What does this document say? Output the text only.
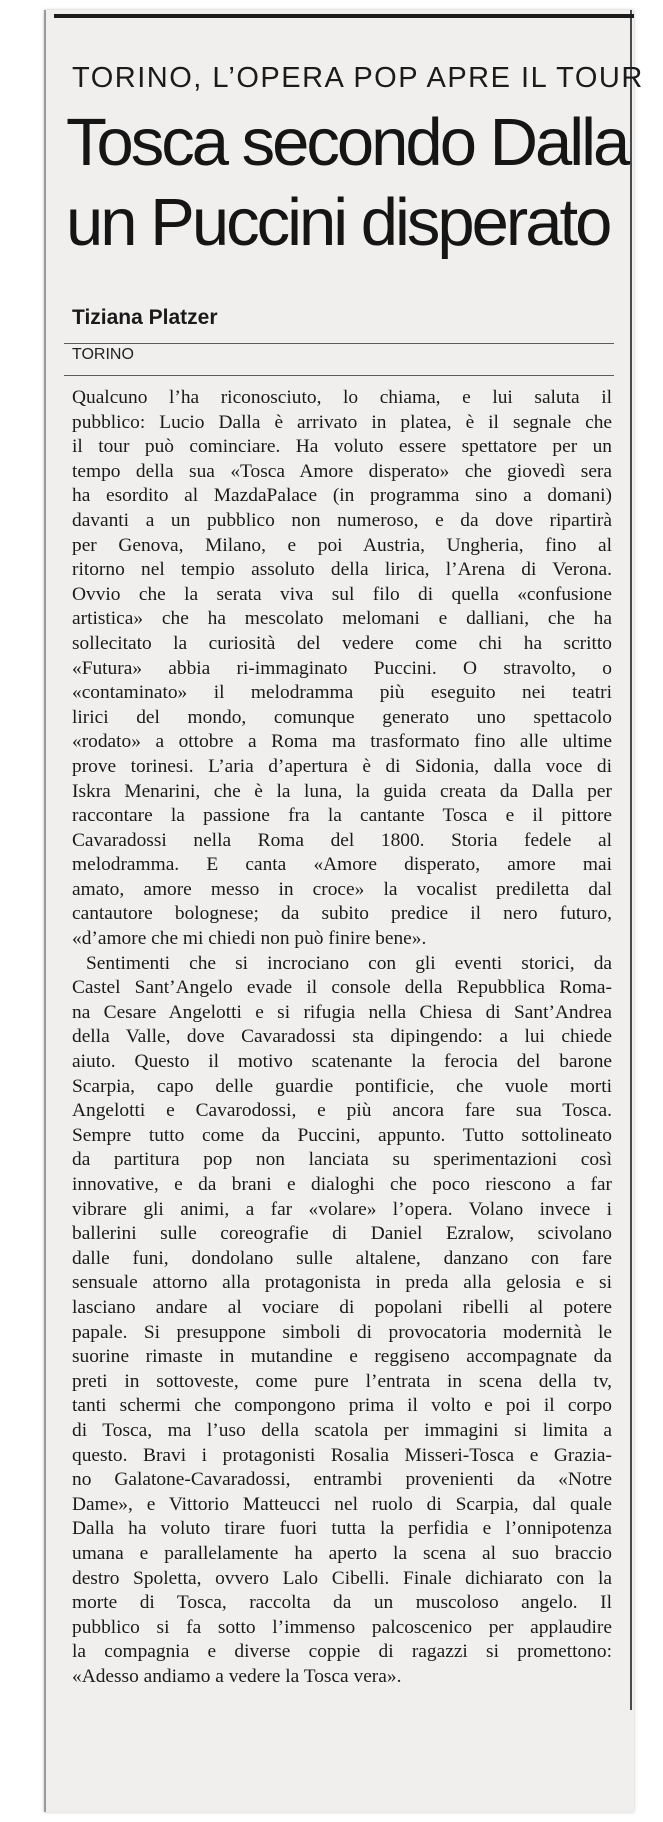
TORINO, L’OPERA POP APRE IL TOUR
Tosca secondo Dalla
un Puccini disperato
Tiziana Platzer
TORINO
Qualcuno l’ha riconosciuto, lo chiama, e lui saluta il
pubblico: Lucio Dalla è arrivato in platea, è il segnale che
il tour può cominciare. Ha voluto essere spettatore per un
tempo della sua «Tosca Amore disperato» che giovedì sera
ha esordito al MazdaPalace (in programma sino a domani)
davanti a un pubblico non numeroso, e da dove ripartirà
per Genova, Milano, e poi Austria, Ungheria, fino al
ritorno nel tempio assoluto della lirica, l’Arena di Verona.
Ovvio che la serata viva sul filo di quella «confusione
artistica» che ha mescolato melomani e dalliani, che ha
sollecitato la curiosità del vedere come chi ha scritto
«Futura» abbia ri-immaginato Puccini. O stravolto, o
«contaminato» il melodramma più eseguito nei teatri
lirici del mondo, comunque generato uno spettacolo
«rodato» a ottobre a Roma ma trasformato fino alle ultime
prove torinesi. L’aria d’apertura è di Sidonia, dalla voce di
Iskra Menarini, che è la luna, la guida creata da Dalla per
raccontare la passione fra la cantante Tosca e il pittore
Cavaradossi nella Roma del 1800. Storia fedele al
melodramma. E canta «Amore disperato, amore mai
amato, amore messo in croce» la vocalist prediletta dal
cantautore bolognese; da subito predice il nero futuro,
«d’amore che mi chiedi non può finire bene».
Sentimenti che si incrociano con gli eventi storici, da
Castel Sant’Angelo evade il console della Repubblica Roma-
na Cesare Angelotti e si rifugia nella Chiesa di Sant’Andrea
della Valle, dove Cavaradossi sta dipingendo: a lui chiede
aiuto. Questo il motivo scatenante la ferocia del barone
Scarpia, capo delle guardie pontificie, che vuole morti
Angelotti e Cavarodossi, e più ancora fare sua Tosca.
Sempre tutto come da Puccini, appunto. Tutto sottolineato
da partitura pop non lanciata su sperimentazioni così
innovative, e da brani e dialoghi che poco riescono a far
vibrare gli animi, a far «volare» l’opera. Volano invece i
ballerini sulle coreografie di Daniel Ezralow, scivolano
dalle funi, dondolano sulle altalene, danzano con fare
sensuale attorno alla protagonista in preda alla gelosia e si
lasciano andare al vociare di popolani ribelli al potere
papale. Si presuppone simboli di provocatoria modernità le
suorine rimaste in mutandine e reggiseno accompagnate da
preti in sottoveste, come pure l’entrata in scena della tv,
tanti schermi che compongono prima il volto e poi il corpo
di Tosca, ma l’uso della scatola per immagini si limita a
questo. Bravi i protagonisti Rosalia Misseri-Tosca e Grazia-
no Galatone-Cavaradossi, entrambi provenienti da «Notre
Dame», e Vittorio Matteucci nel ruolo di Scarpia, dal quale
Dalla ha voluto tirare fuori tutta la perfidia e l’onnipotenza
umana e parallelamente ha aperto la scena al suo braccio
destro Spoletta, ovvero Lalo Cibelli. Finale dichiarato con la
morte di Tosca, raccolta da un muscoloso angelo. Il
pubblico si fa sotto l’immenso palcoscenico per applaudire
la compagnia e diverse coppie di ragazzi si promettono:
«Adesso andiamo a vedere la Tosca vera».
